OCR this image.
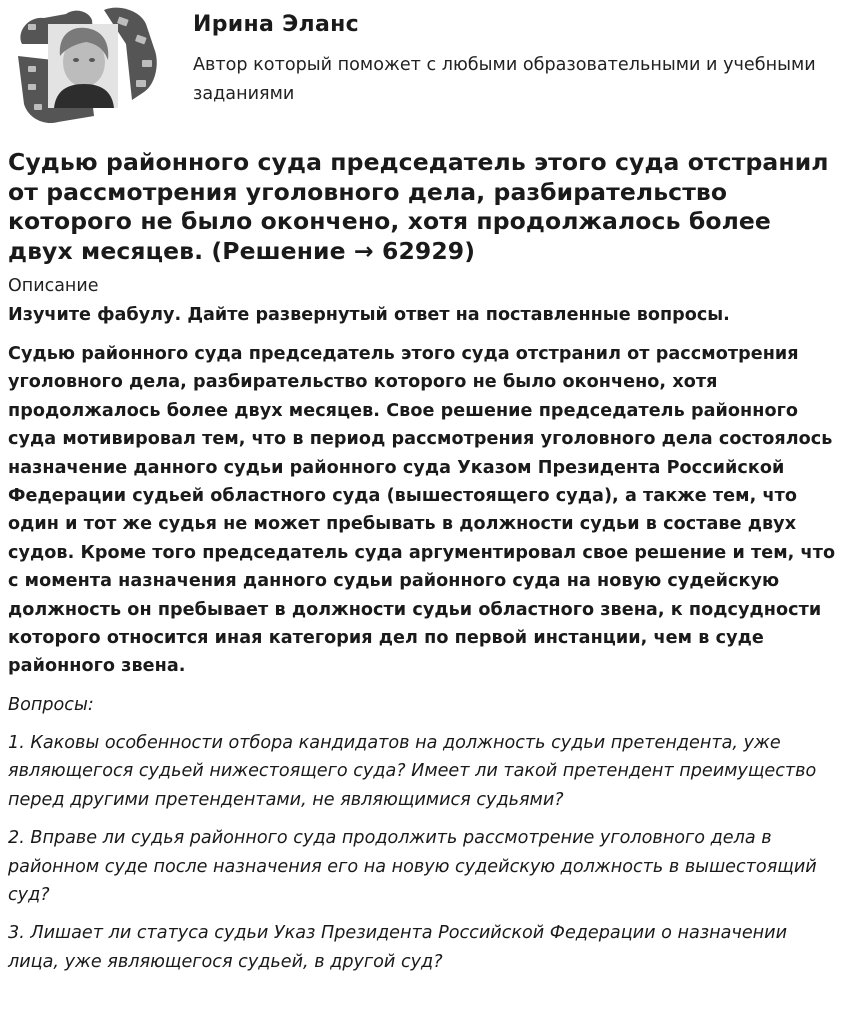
Ирина Эланс
Автор который поможет с любыми образовательными и учебными заданиями
Судью районного суда председатель этого суда отстранил от рассмотрения уголовного дела, разбирательство которого не было окончено, хотя продолжалось более двух месяцев. (Решение → 62929)
Описание

Изучите фабулу. Дайте развернутый ответ на поставленные вопросы.

Судью районного суда председатель этого суда отстранил от рассмотрения уголовного дела, разбирательство которого не было окончено, хотя продолжалось более двух месяцев. Свое решение председатель районного суда мотивировал тем, что в период рассмотрения уголовного дела состоялось назначение данного судьи районного суда Указом Президента Российской Федерации судьей областного суда (вышестоящего суда), а также тем, что один и тот же судья не может пребывать в должности судьи в составе двух судов. Кроме того председатель суда аргументировал свое решение и тем, что с момента назначения данного судьи районного суда на новую судейскую должность он пребывает в должности судьи областного звена, к подсудности которого относится иная категория дел по первой инстанции, чем в суде районного звена.

Вопросы:

1. Каковы особенности отбора кандидатов на должность судьи претендента, уже являющегося судьей нижестоящего суда? Имеет ли такой претендент преимущество перед другими претендентами, не являющимися судьями?

2. Вправе ли судья районного суда продолжить рассмотрение уголовного дела в районном суде после назначения его на новую судейскую должность в вышестоящий суд?

3. Лишает ли статуса судьи Указ Президента Российской Федерации о назначении лица, уже являющегося судьей, в другой суд?
